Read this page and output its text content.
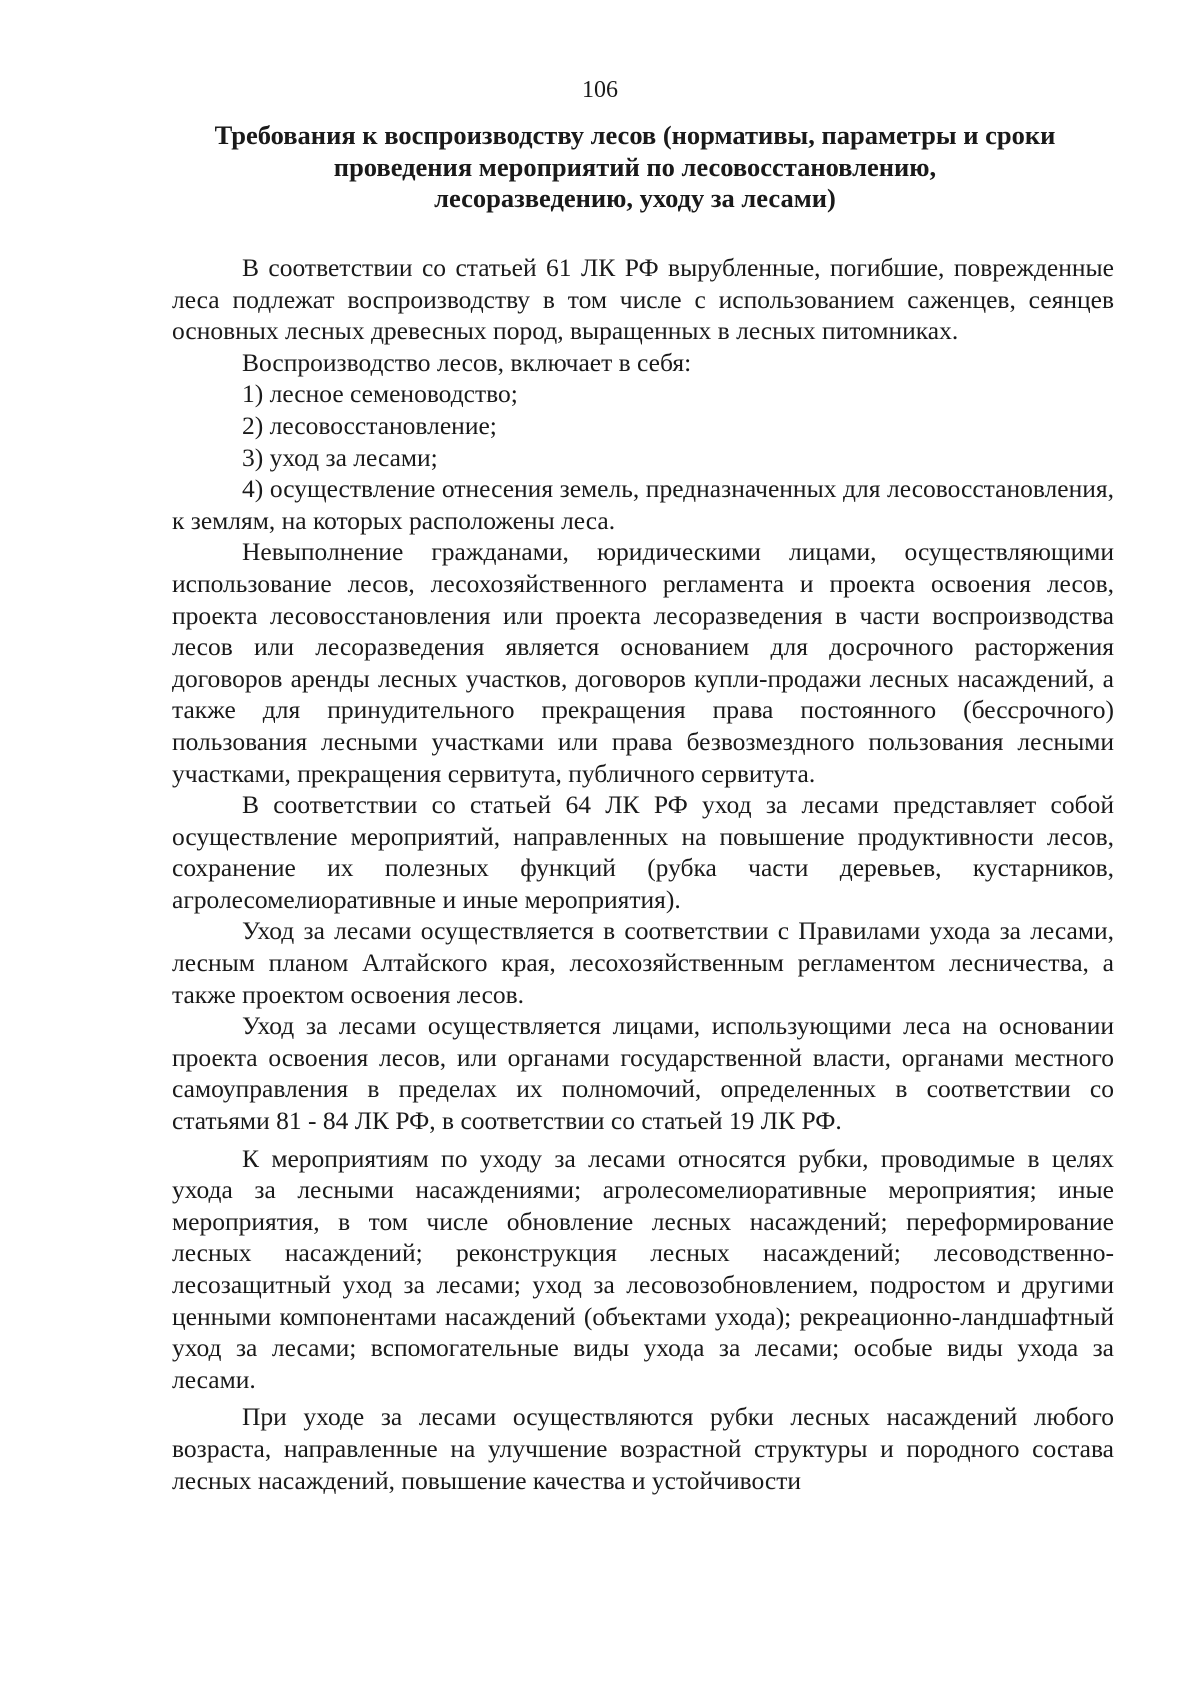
106
Требования к воспроизводству лесов (нормативы, параметры и сроки
проведения мероприятий по лесовосстановлению,
лесоразведению, уходу за лесами)

В соответствии со статьей 61 ЛК РФ вырубленные, погибшие, поврежденные леса подлежат воспроизводству в том числе с использованием саженцев, сеянцев основных лесных древесных пород, выращенных в лесных питомниках.

Воспроизводство лесов, включает в себя:

1) лесное семеноводство;

2) лесовосстановление;

3) уход за лесами;

4) осуществление отнесения земель, предназначенных для лесовосстановления, к землям, на которых расположены леса.

Невыполнение гражданами, юридическими лицами, осуществляющими использование лесов, лесохозяйственного регламента и проекта освоения лесов, проекта лесовосстановления или проекта лесоразведения в части воспроизводства лесов или лесоразведения является основанием для досрочного расторжения договоров аренды лесных участков, договоров купли-продажи лесных насаждений, а также для принудительного прекращения права постоянного (бессрочного) пользования лесными участками или права безвозмездного пользования лесными участками, прекращения сервитута, публичного сервитута.

В соответствии со статьей 64 ЛК РФ уход за лесами представляет собой осуществление мероприятий, направленных на повышение продуктивности лесов, сохранение их полезных функций (рубка части деревьев, кустарников, агролесомелиоративные и иные мероприятия).

Уход за лесами осуществляется в соответствии с Правилами ухода за лесами, лесным планом Алтайского края, лесохозяйственным регламентом лесничества, а также проектом освоения лесов.

Уход за лесами осуществляется лицами, использующими леса на основании проекта освоения лесов, или органами государственной власти, органами местного самоуправления в пределах их полномочий, определенных в соответствии со статьями 81 - 84 ЛК РФ, в соответствии со статьей 19 ЛК РФ.

К мероприятиям по уходу за лесами относятся рубки, проводимые в целях ухода за лесными насаждениями; агролесомелиоративные мероприятия; иные мероприятия, в том числе обновление лесных насаждений; переформирование лесных насаждений; реконструкция лесных насаждений; лесоводственно-лесозащитный уход за лесами; уход за лесовозобновлением, подростом и другими ценными компонентами насаждений (объектами ухода); рекреационно-ландшафтный уход за лесами; вспомогательные виды ухода за лесами; особые виды ухода за лесами.

При уходе за лесами осуществляются рубки лесных насаждений любого возраста, направленные на улучшение возрастной структуры и породного состава лесных насаждений, повышение качества и устойчивости
